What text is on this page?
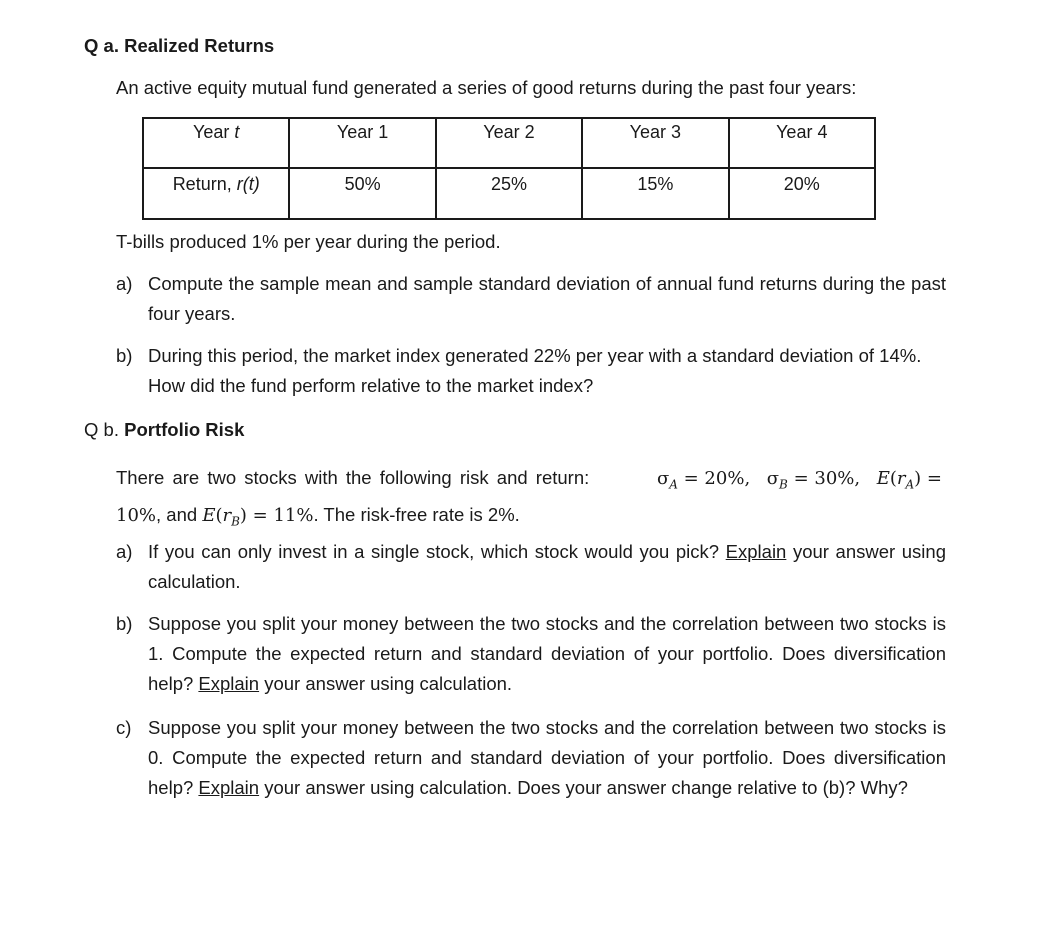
Q a. Realized Returns
An active equity mutual fund generated a series of good returns during the past four years:
Year t	Year 1	Year 2	Year 3	Year 4
Return, r(t)	50%	25%	15%	20%
T-bills produced 1% per year during the period.
a) Compute the sample mean and sample standard deviation of annual fund returns during the past four years.
b) During this period, the market index generated 22% per year with a standard deviation of 14%. How did the fund perform relative to the market index?
Q b. Portfolio Risk
There are two stocks with the following risk and return:	$\sigma_A = 20\%$,   $\sigma_B = 30\%$,   $E(r_A)$ =
10%, and $E(r_B) = 11\%$. The risk-free rate is 2%.
a) If you can only invest in a single stock, which stock would you pick? Explain your answer using calculation.
b) Suppose you split your money between the two stocks and the correlation between two stocks is 1. Compute the expected return and standard deviation of your portfolio. Does diversification help? Explain your answer using calculation.
c) Suppose you split your money between the two stocks and the correlation between two stocks is 0. Compute the expected return and standard deviation of your portfolio. Does diversification help? Explain your answer using calculation. Does your answer change relative to (b)? Why?
